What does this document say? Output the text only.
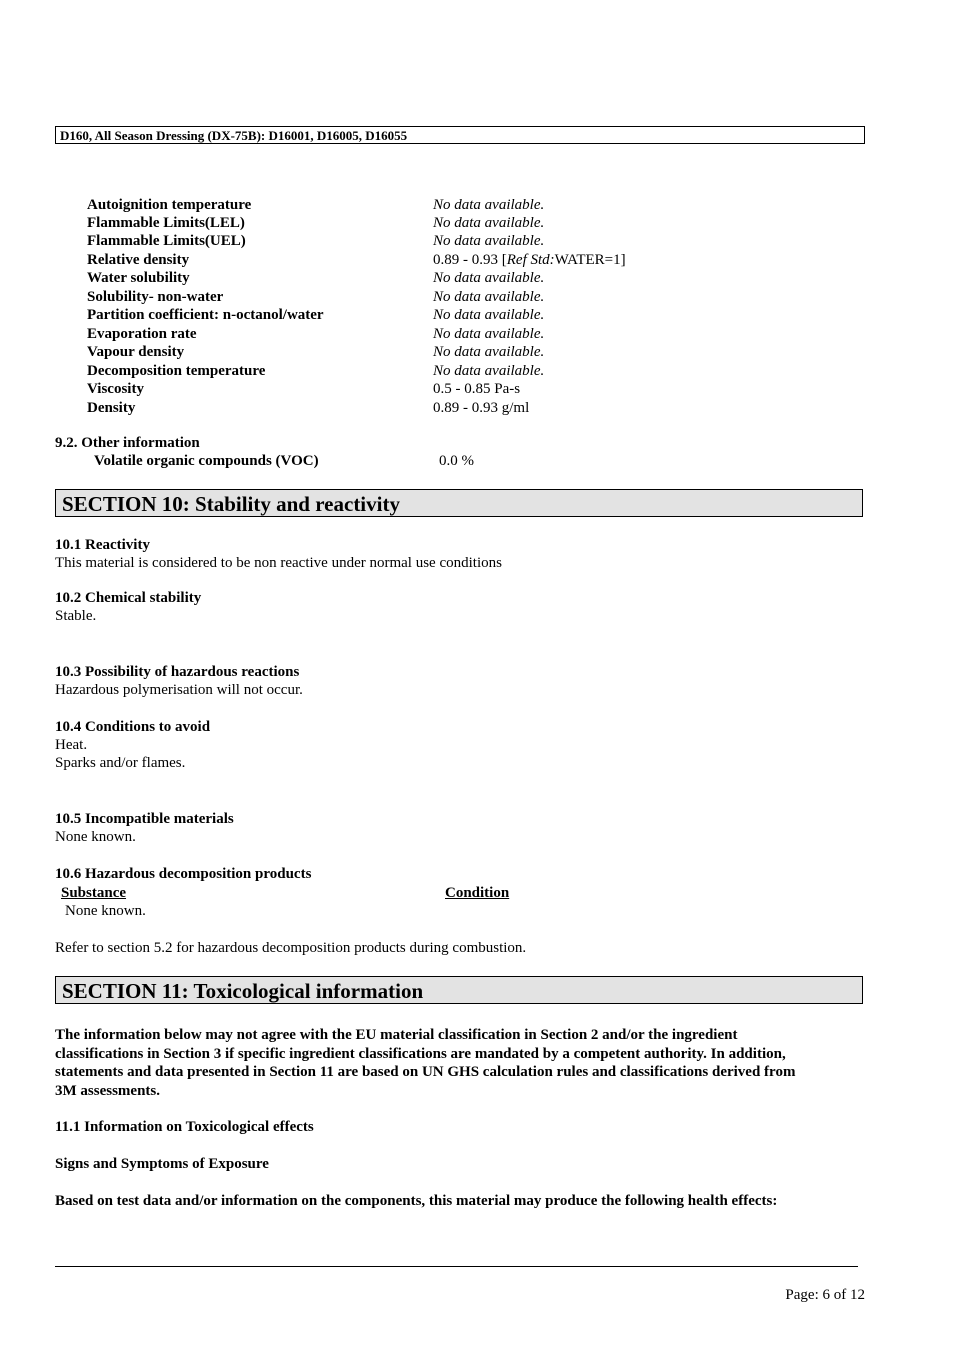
D160, All Season Dressing (DX-75B): D16001, D16005, D16055
Autoignition temperature	No data available.
Flammable Limits(LEL)	No data available.
Flammable Limits(UEL)	No data available.
Relative density	0.89 - 0.93 [Ref Std:WATER=1]
Water solubility	No data available.
Solubility- non-water	No data available.
Partition coefficient: n-octanol/water	No data available.
Evaporation rate	No data available.
Vapour density	No data available.
Decomposition temperature	No data available.
Viscosity	0.5 - 0.85 Pa-s
Density	0.89 - 0.93 g/ml
9.2. Other information
Volatile organic compounds (VOC)	0.0 %
SECTION 10: Stability and reactivity
10.1 Reactivity
This material is considered to be non reactive under normal use conditions
10.2 Chemical stability
Stable.
10.3 Possibility of hazardous reactions
Hazardous polymerisation will not occur.
10.4 Conditions to avoid
Heat.
Sparks and/or flames.
10.5 Incompatible materials
None known.
10.6 Hazardous decomposition products
Substance	Condition
None known.
Refer to section 5.2 for hazardous decomposition products during combustion.
SECTION 11: Toxicological information
The information below may not agree with the EU material classification in Section 2 and/or the ingredient
classifications in Section 3 if specific ingredient classifications are mandated by a competent authority. In addition,
statements and data presented in Section 11 are based on UN GHS calculation rules and classifications derived from
3M assessments.
11.1 Information on Toxicological effects
Signs and Symptoms of Exposure
Based on test data and/or information on the components, this material may produce the following health effects:
Page: 6 of 12
